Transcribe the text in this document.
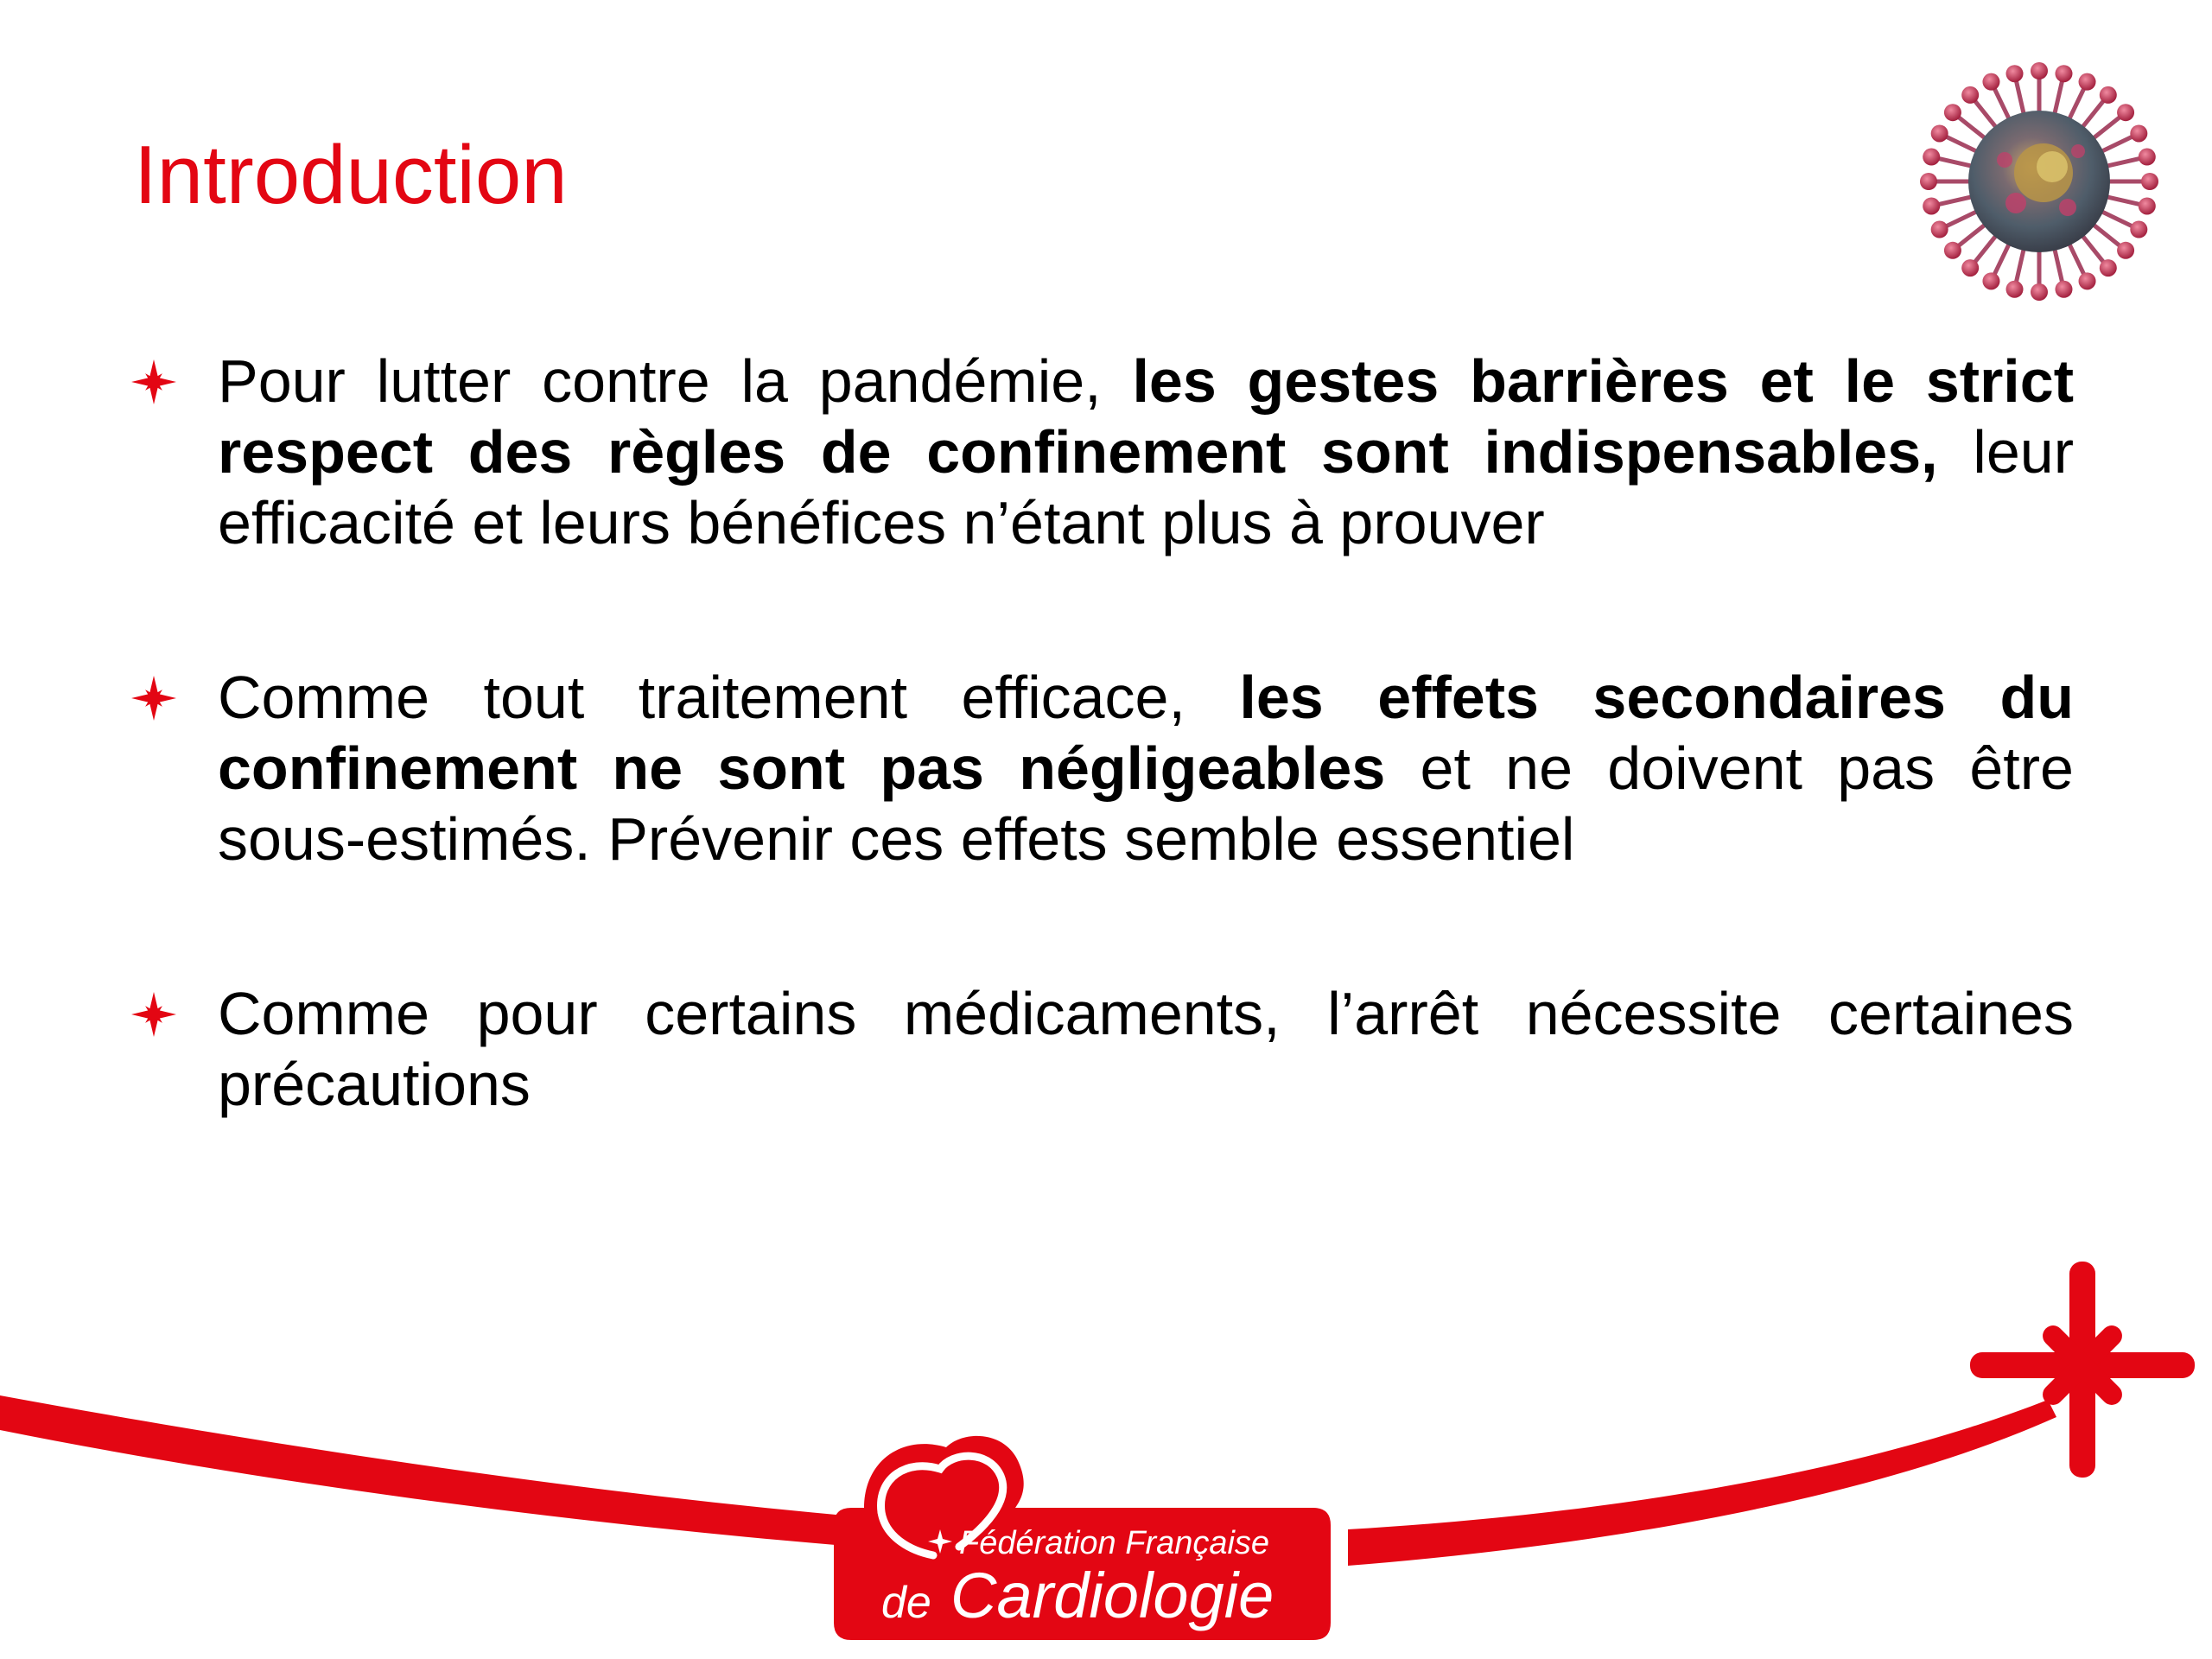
Introduction
Pour lutter contre la pandémie, les gestes barrières et le strict respect des règles de confinement sont indispensables, leur efficacité et leurs bénéfices n’étant plus à prouver
Comme tout traitement efficace, les effets secondaires du confinement ne sont pas négligeables et ne doivent pas être sous-estimés. Prévenir ces effets semble essentiel
Comme pour certains médicaments, l’arrêt nécessite certaines précautions
Fédération Française
de Cardiologie
